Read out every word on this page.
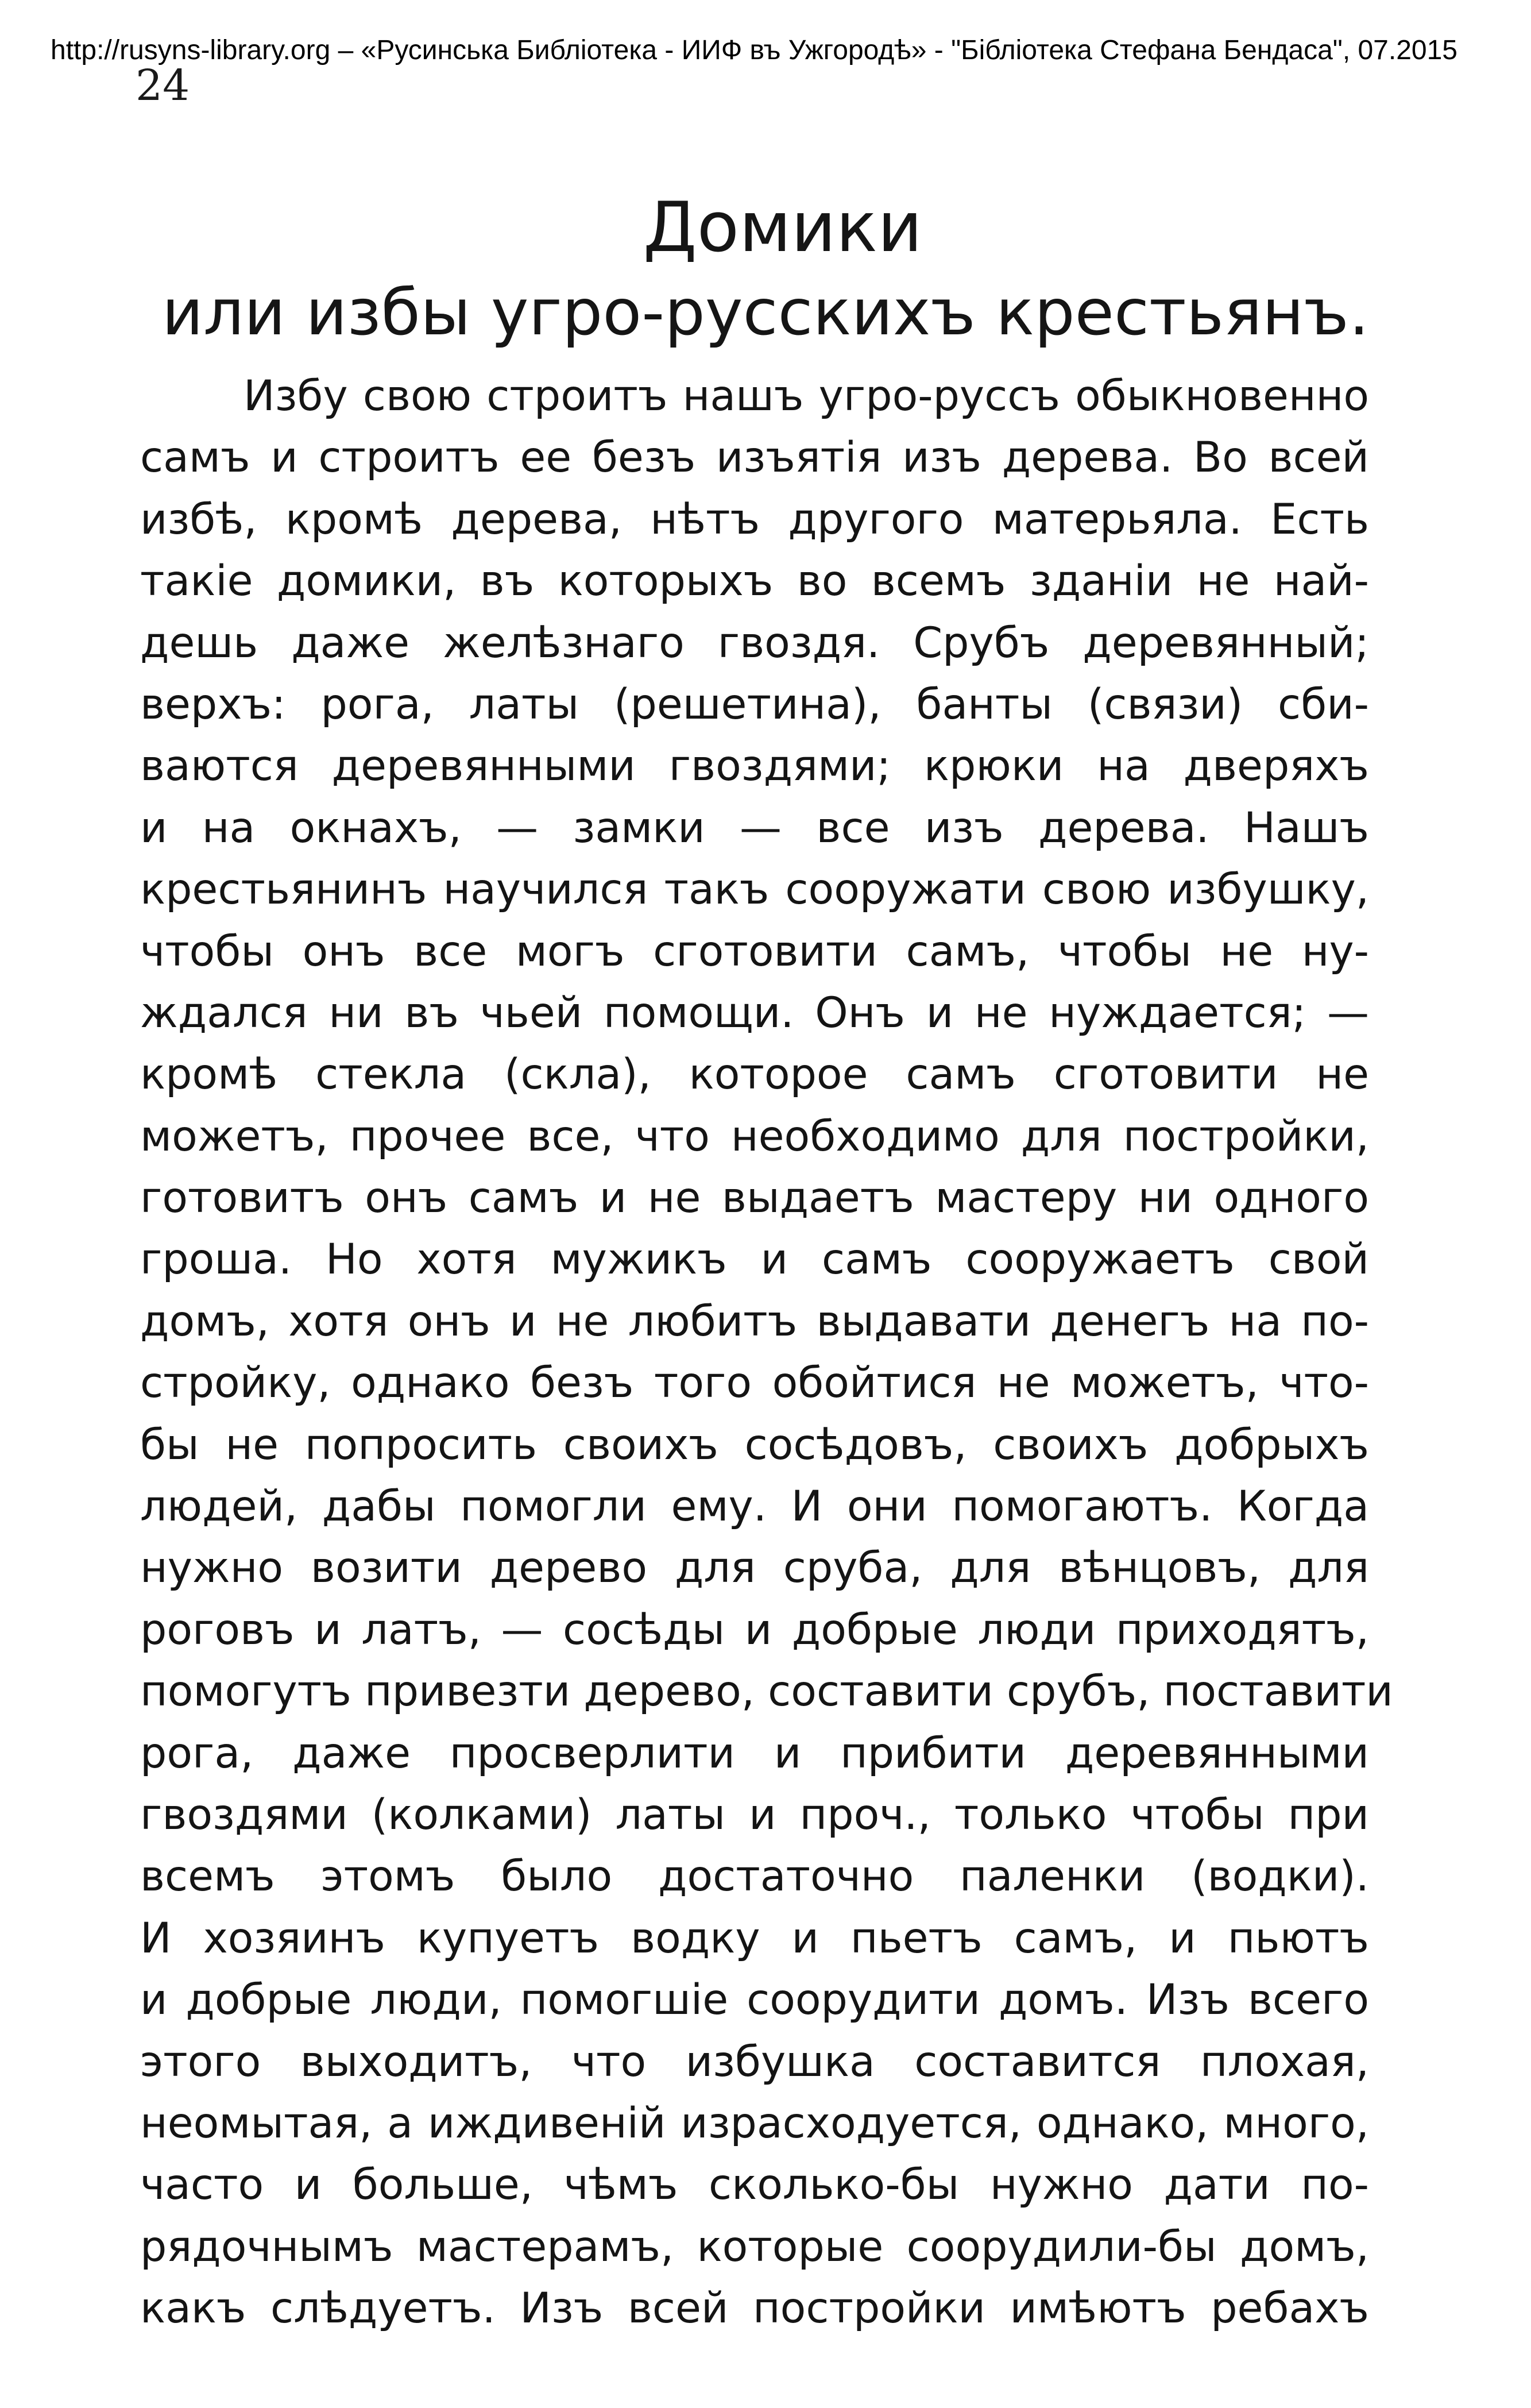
http://rusyns-library.org – «Русинська Библіотека - ИИФ въ Ужгородѣ» - "Бібліотека Стефана Бендаса", 07.2015
24
Домики
или избы угро-русскихъ крестьянъ.
Избу свою строитъ нашъ угро-руссъ обыкновенно
самъ и строитъ ее безъ изъятія изъ дерева. Во всей
избѣ, кромѣ дерева, нѣтъ другого матерьяла. Есть
такіе домики, въ которыхъ во всемъ зданіи не най-
дешь даже желѣзнаго гвоздя. Срубъ деревянный;
верхъ: рога, латы (решетина), банты (связи) сби-
ваются деревянными гвоздями; крюки на дверяхъ
и на окнахъ, — замки — все изъ дерева. Нашъ
крестьянинъ научился такъ сооружати свою избушку,
чтобы онъ все могъ сготовити самъ, чтобы не ну-
ждался ни въ чьей помощи. Онъ и не нуждается; —
кромѣ стекла (скла), которое самъ сготовити не
можетъ, прочее все, что необходимо для постройки,
готовитъ онъ самъ и не выдаетъ мастеру ни одного
гроша. Но хотя мужикъ и самъ сооружаетъ свой
домъ, хотя онъ и не любитъ выдавати денегъ на по-
стройку, однако безъ того обойтися не можетъ, что-
бы не попросить своихъ сосѣдовъ, своихъ добрыхъ
людей, дабы помогли ему. И они помогаютъ. Когда
нужно возити дерево для сруба, для вѣнцовъ, для
роговъ и латъ, — сосѣды и добрые люди приходятъ,
помогутъ привезти дерево, составити срубъ, поставити
рога, даже просверлити и прибити деревянными
гвоздями (колками) латы и проч., только чтобы при
всемъ этомъ было достаточно паленки (водки).
И хозяинъ купуетъ водку и пьетъ самъ, и пьютъ
и добрые люди, помогшіе соорудити домъ. Изъ всего
этого выходитъ, что избушка составится плохая,
неомытая, а иждивеній израсходуется, однако, много,
часто и больше, чѣмъ сколько-бы нужно дати по-
рядочнымъ мастерамъ, которые соорудили-бы домъ,
какъ слѣдуетъ. Изъ всей постройки имѣютъ ребахъ
